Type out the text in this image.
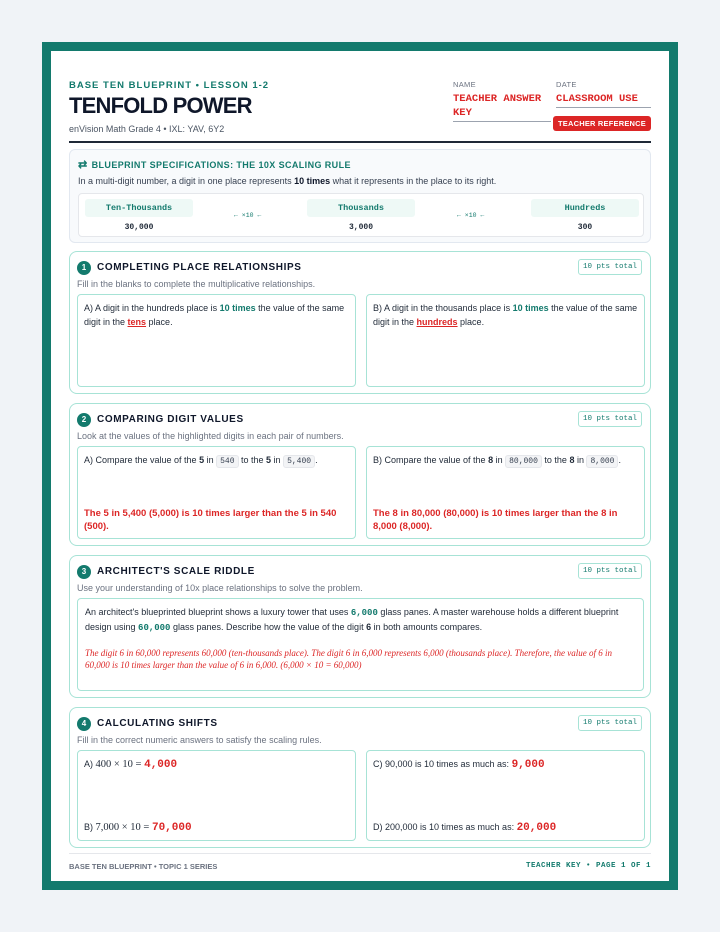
BASE TEN BLUEPRINT • LESSON 1-2
TENFOLD POWER
enVision Math Grade 4 • IXL: YAV, 6Y2
NAME
TEACHER ANSWER KEY
DATE
CLASSROOM USE
TEACHER REFERENCE
⇄ BLUEPRINT SPECIFICATIONS: THE 10X SCALING RULE
In a multi-digit number, a digit in one place represents 10 times what it represents in the place to its right.
Ten-Thousands
30,000
← ×10 ←
Thousands
3,000
← ×10 ←
Hundreds
300
1	COMPLETING PLACE RELATIONSHIPS	10 pts total
Fill in the blanks to complete the multiplicative relationships.
A) A digit in the hundreds place is 10 times the value of the same digit in the tens place.
B) A digit in the thousands place is 10 times the value of the same digit in the hundreds place.
2	COMPARING DIGIT VALUES	10 pts total
Look at the values of the highlighted digits in each pair of numbers.
A) Compare the value of the 5 in 540 to the 5 in 5,400 .
The 5 in 5,400 (5,000) is 10 times larger than the 5 in 540 (500).
B) Compare the value of the 8 in 80,000 to the 8 in 8,000 .
The 8 in 80,000 (80,000) is 10 times larger than the 8 in 8,000 (8,000).
3	ARCHITECT'S SCALE RIDDLE	10 pts total
Use your understanding of 10x place relationships to solve the problem.
An architect's blueprinted blueprint shows a luxury tower that uses 6,000 glass panes. A master warehouse holds a different blueprint design using 60,000 glass panes. Describe how the value of the digit 6 in both amounts compares.
The digit 6 in 60,000 represents 60,000 (ten-thousands place). The digit 6 in 6,000 represents 6,000 (thousands place). Therefore, the value of 6 in 60,000 is 10 times larger than the value of 6 in 6,000. (6,000 × 10 = 60,000)
4	CALCULATING SHIFTS	10 pts total
Fill in the correct numeric answers to satisfy the scaling rules.
A) 400 × 10 = 4,000
B) 7,000 × 10 = 70,000
C) 90,000 is 10 times as much as: 9,000
D) 200,000 is 10 times as much as: 20,000
BASE TEN BLUEPRINT • TOPIC 1 SERIES	TEACHER KEY • PAGE 1 OF 1
